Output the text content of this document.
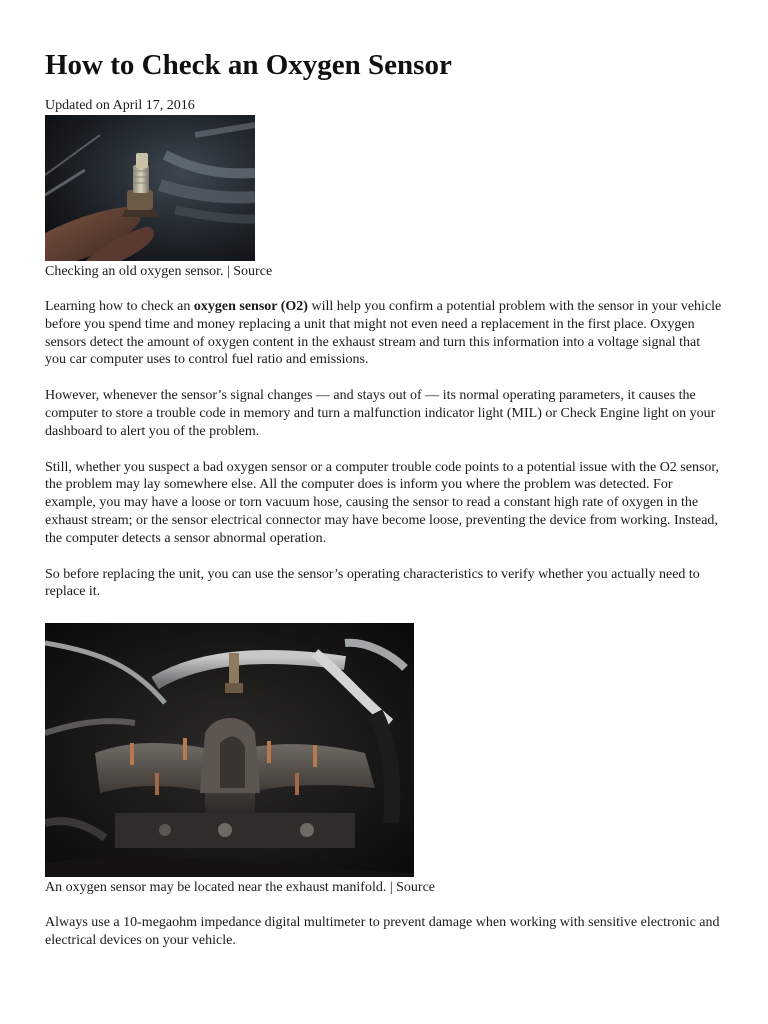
How to Check an Oxygen Sensor
Updated on April 17, 2016
Checking an old oxygen sensor. | Source

Learning how to check an oxygen sensor (O2) will help you confirm a potential problem with the sensor in your vehicle before you spend time and money replacing a unit that might not even need a replacement in the first place. Oxygen sensors detect the amount of oxygen content in the exhaust stream and turn this information into a voltage signal that you car computer uses to control fuel ratio and emissions.

However, whenever the sensor’s signal changes — and stays out of — its normal operating parameters, it causes the computer to store a trouble code in memory and turn a malfunction indicator light (MIL) or Check Engine light on your dashboard to alert you of the problem.

Still, whether you suspect a bad oxygen sensor or a computer trouble code points to a potential issue with the O2 sensor, the problem may lay somewhere else. All the computer does is inform you where the problem was detected. For example, you may have a loose or torn vacuum hose, causing the sensor to read a constant high rate of oxygen in the exhaust stream; or the sensor electrical connector may have become loose, preventing the device from working. Instead, the computer detects a sensor abnormal operation.

So before replacing the unit, you can use the sensor’s operating characteristics to verify whether you actually need to replace it.

An oxygen sensor may be located near the exhaust manifold. | Source

Always use a 10-megaohm impedance digital multimeter to prevent damage when working with sensitive electronic and electrical devices on your vehicle.
